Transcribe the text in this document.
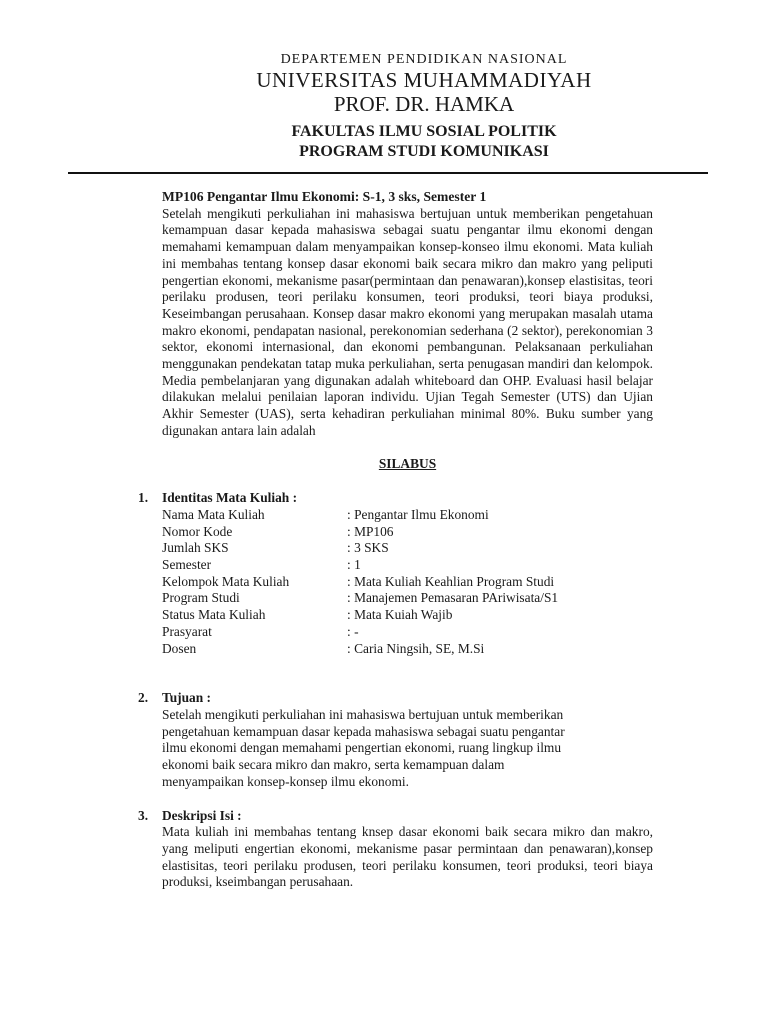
DEPARTEMEN PENDIDIKAN NASIONAL
UNIVERSITAS MUHAMMADIYAH
PROF. DR. HAMKA
FAKULTAS ILMU SOSIAL POLITIK
PROGRAM STUDI KOMUNIKASI
MP106 Pengantar Ilmu Ekonomi: S-1, 3 sks, Semester 1

Setelah mengikuti perkuliahan ini mahasiswa bertujuan untuk memberikan pengetahuan kemampuan dasar kepada mahasiswa sebagai suatu pengantar ilmu ekonomi dengan memahami kemampuan dalam menyampaikan konsep-konseo ilmu ekonomi. Mata kuliah ini membahas tentang konsep dasar ekonomi baik secara mikro dan makro yang peliputi pengertian ekonomi, mekanisme pasar(permintaan dan penawaran),konsep elastisitas, teori perilaku produsen, teori perilaku konsumen, teori produksi, teori biaya produksi, Keseimbangan perusahaan. Konsep dasar makro ekonomi yang merupakan masalah utama makro ekonomi, pendapatan nasional, perekonomian sederhana (2 sektor), perekonomian 3 sektor, ekonomi internasional, dan ekonomi pembangunan. Pelaksanaan perkuliahan menggunakan pendekatan tatap muka perkuliahan, serta penugasan mandiri dan kelompok. Media pembelanjaran yang digunakan adalah whiteboard dan OHP. Evaluasi hasil belajar dilakukan melalui penilaian laporan individu. Ujian Tegah Semester (UTS) dan Ujian Akhir Semester (UAS), serta kehadiran perkuliahan minimal 80%. Buku sumber yang digunakan antara lain adalah

SILABUS
1. Identitas Mata Kuliah :
Nama Mata Kuliah	: Pengantar Ilmu Ekonomi
Nomor Kode	: MP106
Jumlah SKS	: 3 SKS
Semester	: 1
Kelompok Mata Kuliah	: Mata Kuliah Keahlian Program Studi
Program Studi	: Manajemen Pemasaran PAriwisata/S1
Status Mata Kuliah	: Mata Kuiah Wajib
Prasyarat	: -
Dosen	: Caria Ningsih, SE, M.Si
2. Tujuan :
Setelah mengikuti perkuliahan ini mahasiswa bertujuan untuk memberikan
pengetahuan kemampuan dasar kepada mahasiswa sebagai suatu pengantar
ilmu ekonomi dengan memahami pengertian ekonomi, ruang lingkup ilmu
ekonomi baik secara mikro dan makro, serta kemampuan dalam
menyampaikan konsep-konsep ilmu ekonomi.
3. Deskripsi Isi :

Mata kuliah ini membahas tentang knsep dasar ekonomi baik secara mikro dan makro, yang meliputi engertian ekonomi, mekanisme pasar permintaan dan penawaran),konsep elastisitas, teori perilaku produsen, teori perilaku konsumen, teori produksi, teori biaya produksi, kseimbangan perusahaan.
